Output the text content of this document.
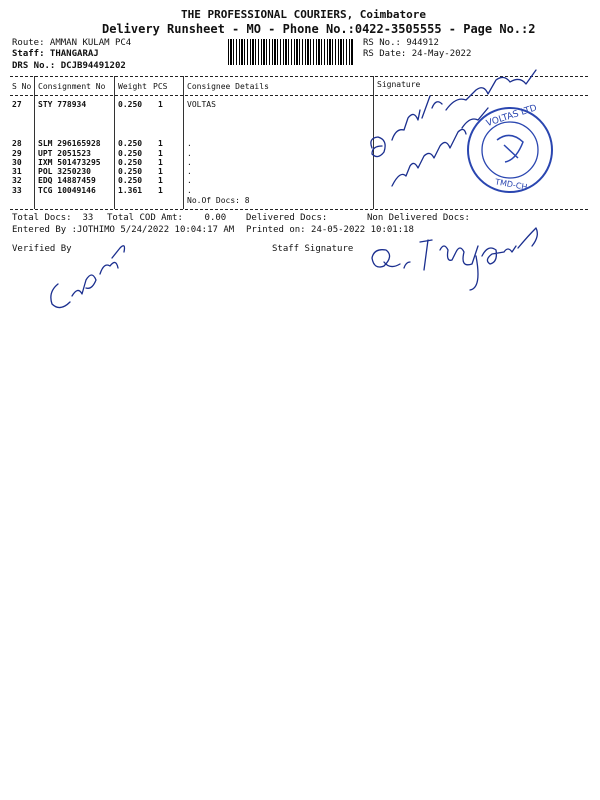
THE PROFESSIONAL COURIERS, Coimbatore
Delivery Runsheet - MO - Phone No.:0422-3505555 - Page No.:2
Route: AMMAN KULAM PC4
Staff: THANGARAJ
DRS No.: DCJB94491202
RS No.: 944912
RS Date: 24-May-2022
S No Consignment No Weight PCS Consignee Details	Signature
27 STY 778934	0.250 1	VOLTAS
28 SLM 296165928 0.250 1	.
29 UPT 2051523	0.250 1	.
30 IXM 501473295 0.250 1	.
31 POL 3250230	0.250 1	.
32 EDQ 14887459	0.250 1	.
33 TCG 10049146	1.361 1	.
No.Of Docs: 8
Total Docs:  33 Total COD Amt:    0.00 Delivered Docs:	Non Delivered Docs:
Entered By :JOTHIMO 5/24/2022 10:04:17 AM Printed on: 24-05-2022 10:01:18
Verified By	Staff Signature
VOLTAS LTD
TMD-CH
